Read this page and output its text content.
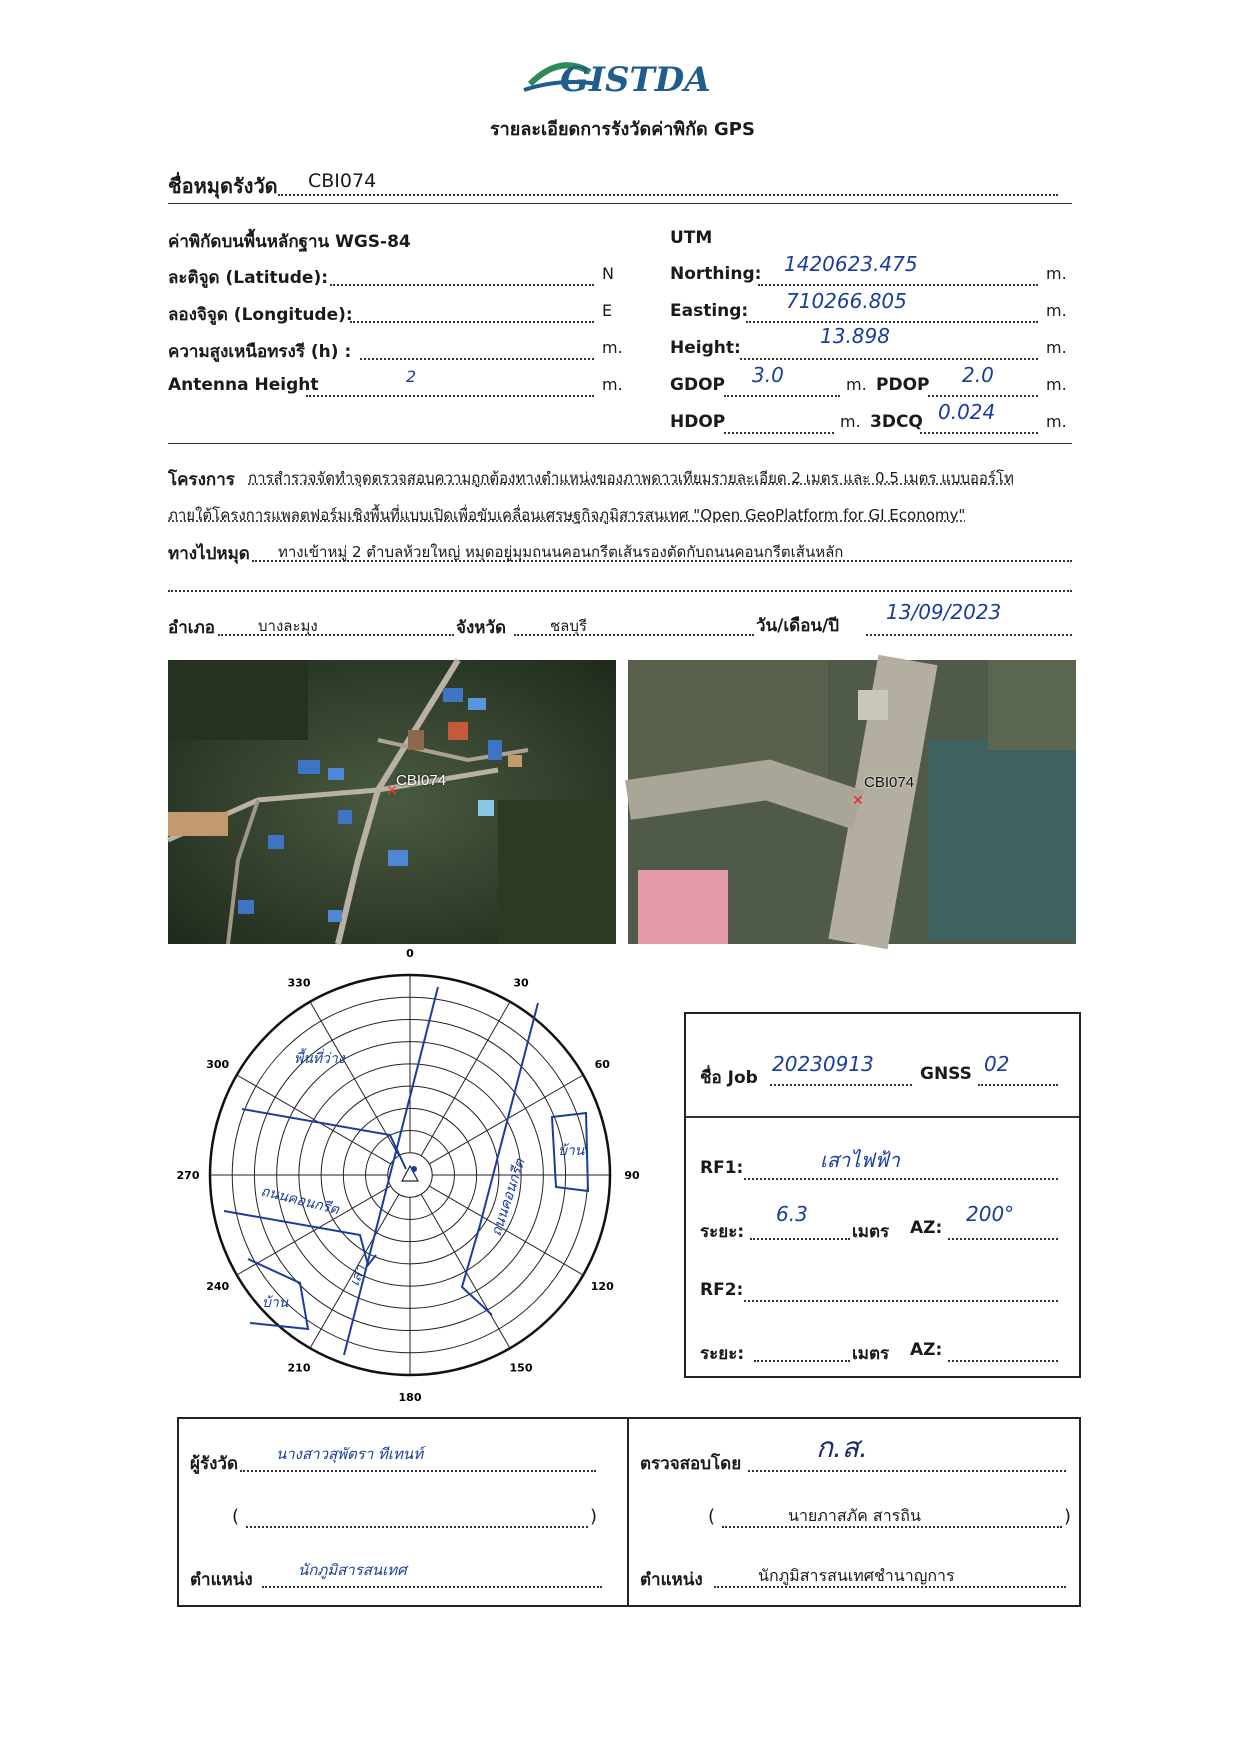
GISTDA
รายละเอียดการรังวัดค่าพิกัด GPS
ชื่อหมุดรังวัด CBI074
ค่าพิกัดบนพื้นหลักฐาน WGS-84
ละติจูด (Latitude):	N
ลองจิจูด (Longitude):	E
ความสูงเหนือทรงรี (h) :	m.
Antenna Height	2	m.
UTM
Northing: 1420623.475	m.
Easting: 710266.805	m.
Height:	13.898	m.
GDOP 3.0	m. PDOP 2.0	m.
HDOP	m. 3DCQ 0.024	m.
โครงการ การสำรวจจัดทำจุดตรวจสอบความถูกต้องทางตำแหน่งของภาพดาวเทียมรายละเอียด 2 เมตร และ 0.5 เมตร แบบออร์โท
ภายใต้โครงการแพลตฟอร์มเชิงพื้นที่แบบเปิดเพื่อขับเคลื่อนเศรษฐกิจภูมิสารสนเทศ "Open GeoPlatform for GI Economy"
ทางไปหมุด ทางเข้าหมู่ 2 ตำบลห้วยใหญ่ หมุดอยู่มุมถนนคอนกรีตเส้นรองตัดกับถนนคอนกรีตเส้นหลัก
อำเภอ	บางละมุง	จังหวัด	ชลบุรี	วัน/เดือน/ปี
13/09/2023
✕
CBI074
✕
CBI074
0
30
60
90
120
150
180
210
240
270
300
330
พื้นที่ว่าง
บ้าน
บ้าน
ถนนคอนกรีต	ถนนคอนกรีต
เสา
ชื่อ Job
20230913	GNSS 02
RF1:	เสาไฟฟ้า
ระยะ:
6.3
เมตร AZ:
200°
RF2:
ระยะ:	เมตร AZ:
ผู้รังวัด	นางสาวสุพัตรา ทีเทนท์
(	)
ตำแหน่ง	นักภูมิสารสนเทศ
ตรวจสอบโดย	ก.ส.
(	นายภาสภัค สารถิน	)
ตำแหน่ง	นักภูมิสารสนเทศชำนาญการ
